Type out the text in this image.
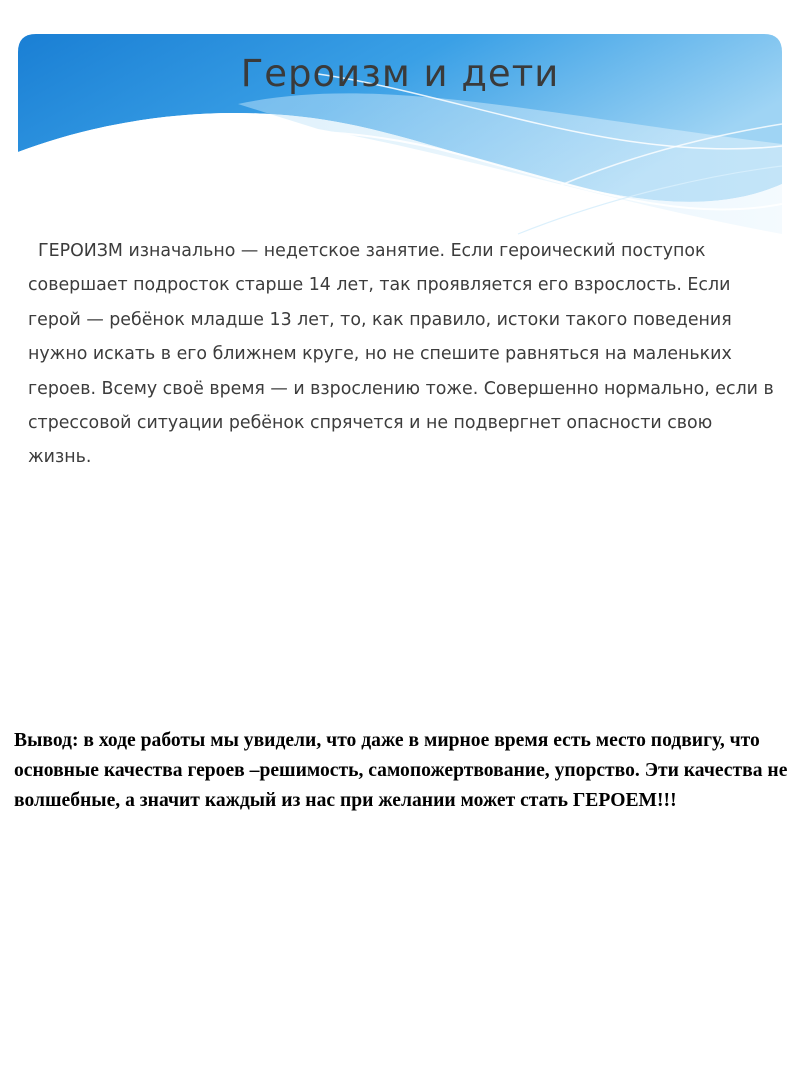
Героизм и дети

ГЕРОИЗМ изначально — недетское занятие. Если героический поступок совершает подросток старше 14 лет, так проявляется его взрослость. Если герой — ребёнок младше 13 лет, то, как правило, истоки такого поведения нужно искать в его ближнем круге, но не спешите равняться на маленьких героев. Всему своё время — и взрослению тоже. Совершенно нормально, если в стрессовой ситуации ребёнок спрячется и не подвергнет опасности свою жизнь.

Вывод: в ходе работы мы увидели, что даже в мирное время есть место подвигу, что основные качества героев –решимость, самопожертвование, упорство. Эти качества не волшебные, а значит каждый из нас при желании может стать ГЕРОЕМ!!!
